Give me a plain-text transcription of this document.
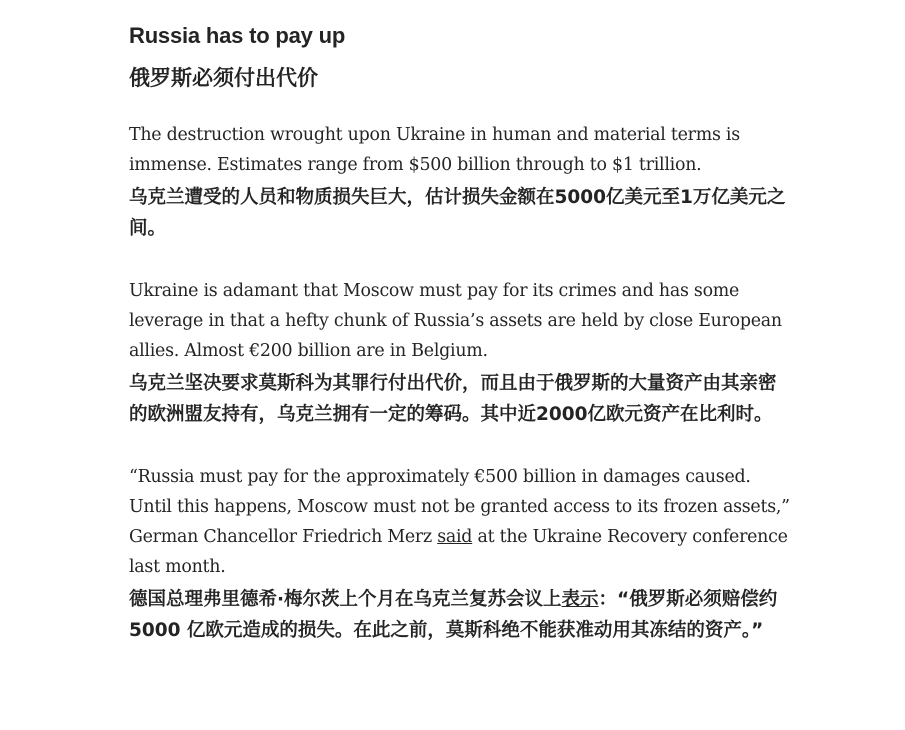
Russia has to pay up
俄罗斯必须付出代价

The destruction wrought upon Ukraine in human and material terms is immense. Estimates range from $500 billion through to $1 trillion.

乌克兰遭受的人员和物质损失巨大，估计损失金额在5000亿美元至1万亿美元之间。

Ukraine is adamant that Moscow must pay for its crimes and has some leverage in that a hefty chunk of Russia’s assets are held by close European allies. Almost €200 billion are in Belgium.

乌克兰坚决要求莫斯科为其罪行付出代价，而且由于俄罗斯的大量资产由其亲密的欧洲盟友持有，乌克兰拥有一定的筹码。其中近2000亿欧元资产在比利时。

“Russia must pay for the approximately €500 billion in damages caused. Until this happens, Moscow must not be granted access to its frozen assets,” German Chancellor Friedrich Merz said at the Ukraine Recovery conference last month.

德国总理弗里德希·梅尔茨上个月在乌克兰复苏会议上表示：“俄罗斯必须赔偿约 5000 亿欧元造成的损失。在此之前，莫斯科绝不能获准动用其冻结的资产。”
